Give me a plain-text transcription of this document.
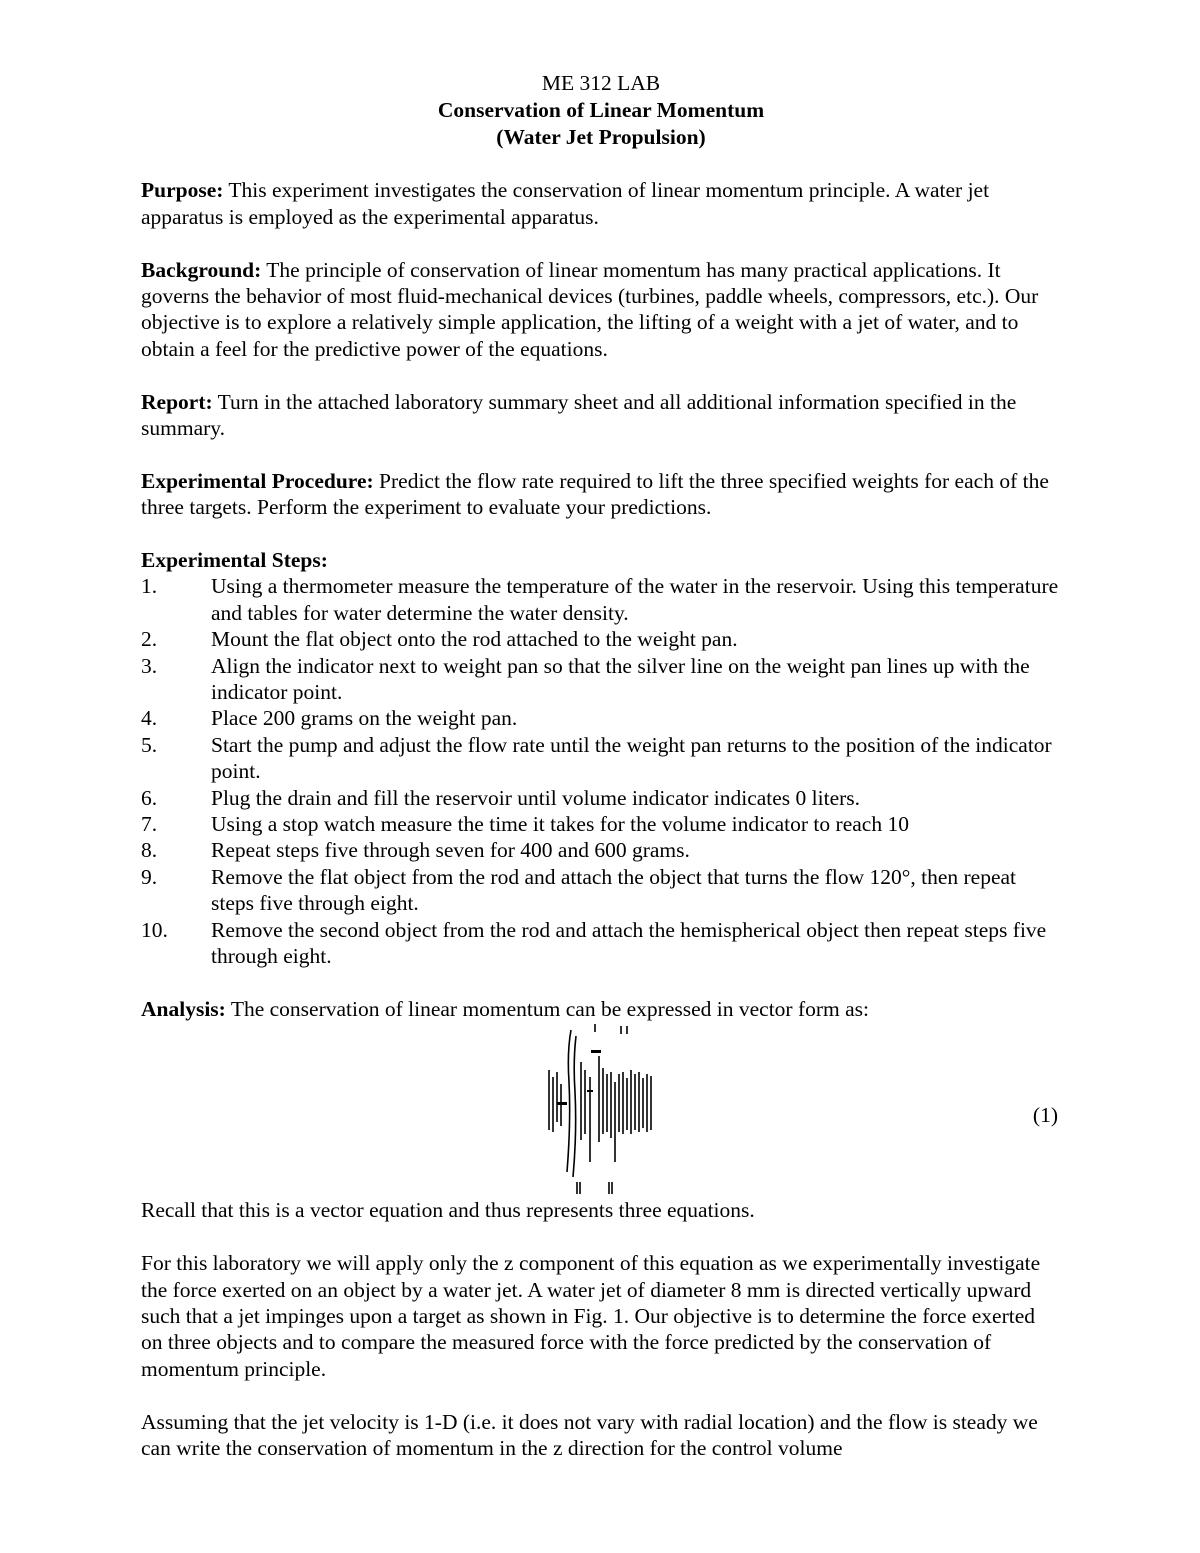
ME 312 LAB
Conservation of Linear Momentum
(Water Jet Propulsion)

Purpose: This experiment investigates the conservation of linear momentum principle. A water jet apparatus is employed as the experimental apparatus.

Background: The principle of conservation of linear momentum has many practical applications. It governs the behavior of most fluid-mechanical devices (turbines, paddle wheels, compressors, etc.). Our objective is to explore a relatively simple application, the lifting of a weight with a jet of water, and to obtain a feel for the predictive power of the equations.

Report: Turn in the attached laboratory summary sheet and all additional information specified in the summary.

Experimental Procedure: Predict the flow rate required to lift the three specified weights for each of the three targets. Perform the experiment to evaluate your predictions.

Experimental Steps:

1.	Using a thermometer measure the temperature of the water in the reservoir. Using this temperature and tables for water determine the water density.
2.	Mount the flat object onto the rod attached to the weight pan.
3.	Align the indicator next to weight pan so that the silver line on the weight pan lines up with the indicator point.
4.	Place 200 grams on the weight pan.
5.	Start the pump and adjust the flow rate until the weight pan returns to the position of the indicator point.
6.	Plug the drain and fill the reservoir until volume indicator indicates 0 liters.
7.	Using a stop watch measure the time it takes for the volume indicator to reach 10
8.	Repeat steps five through seven for 400 and 600 grams.
9.	Remove the flat object from the rod and attach the object that turns the flow 120°, then repeat steps five through eight.
10.	Remove the second object from the rod and attach the hemispherical object then repeat steps five through eight.

Analysis: The conservation of linear momentum can be expressed in vector form as:

(1)

Recall that this is a vector equation and thus represents three equations.

For this laboratory we will apply only the z component of this equation as we experimentally investigate the force exerted on an object by a water jet. A water jet of diameter 8 mm is directed vertically upward such that a jet impinges upon a target as shown in Fig. 1. Our objective is to determine the force exerted on three objects and to compare the measured force with the force predicted by the conservation of momentum principle.

Assuming that the jet velocity is 1-D (i.e. it does not vary with radial location) and the flow is steady we can write the conservation of momentum in the z direction for the control volume
